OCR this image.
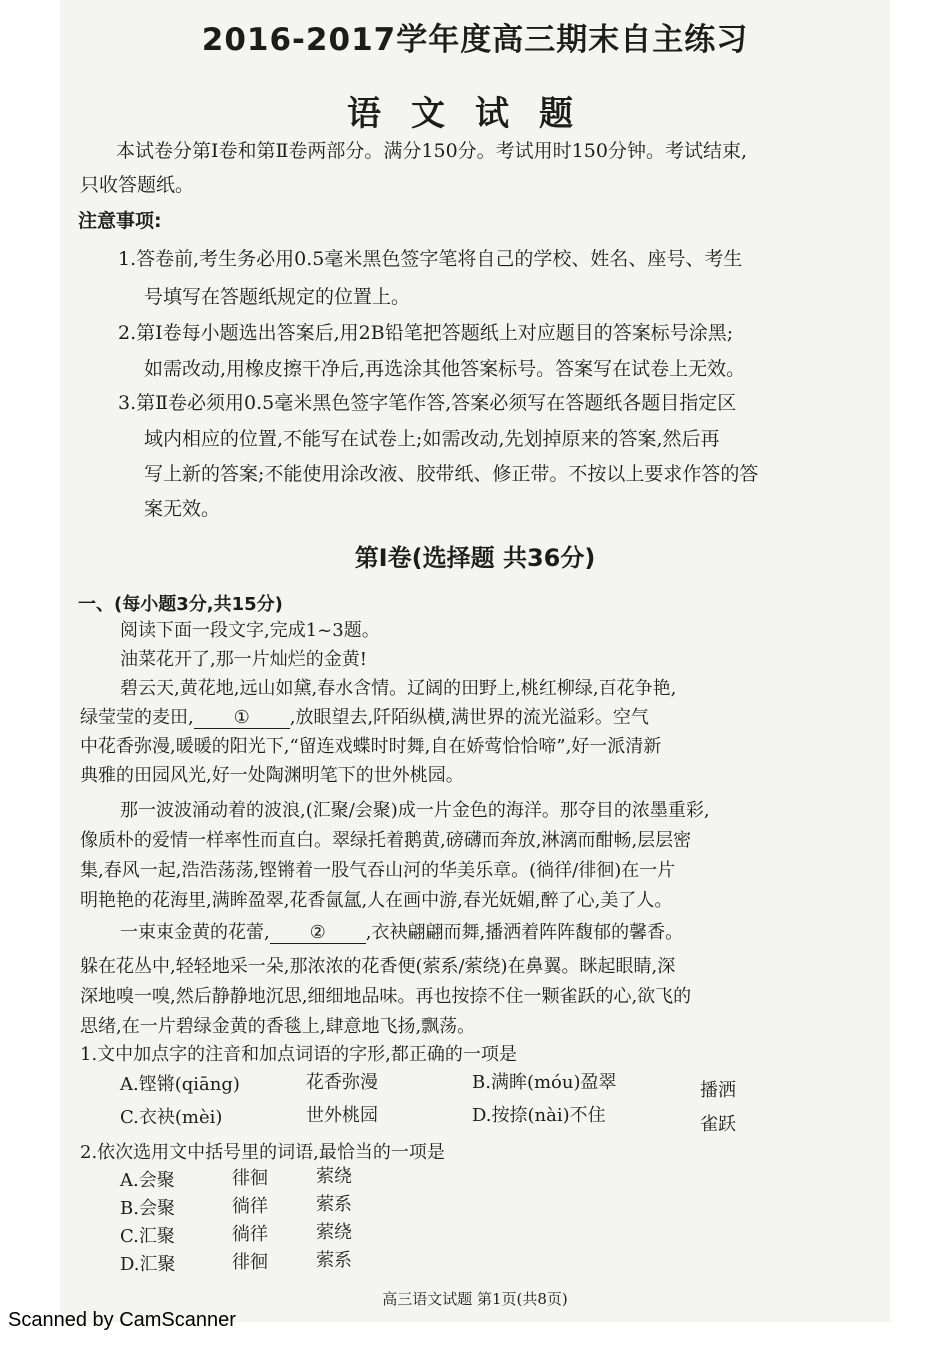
2016-2017学年度高三期末自主练习
语文试题
本试卷分第Ⅰ卷和第Ⅱ卷两部分。满分150分。考试用时150分钟。考试结束,
只收答题纸。
注意事项:
1.答卷前,考生务必用0.5毫米黑色签字笔将自己的学校、姓名、座号、考生
号填写在答题纸规定的位置上。
2.第Ⅰ卷每小题选出答案后,用2B铅笔把答题纸上对应题目的答案标号涂黑;
如需改动,用橡皮擦干净后,再选涂其他答案标号。答案写在试卷上无效。
3.第Ⅱ卷必须用0.5毫米黑色签字笔作答,答案必须写在答题纸各题目指定区
域内相应的位置,不能写在试卷上;如需改动,先划掉原来的答案,然后再
写上新的答案;不能使用涂改液、胶带纸、修正带。不按以上要求作答的答
案无效。
第Ⅰ卷(选择题 共36分)
一、(每小题3分,共15分)
阅读下面一段文字,完成1~3题。
油菜花开了,那一片灿烂的金黄!
碧云天,黄花地,远山如黛,春水含情。辽阔的田野上,桃红柳绿,百花争艳,
绿莹莹的麦田, ① ,放眼望去,阡陌纵横,满世界的流光溢彩。空气
中花香弥漫,暖暖的阳光下,“留连戏蝶时时舞,自在娇莺恰恰啼”,好一派清新
典雅的田园风光,好一处陶渊明笔下的世外桃园。
那一波波涌动着的波浪,(汇聚/会聚)成一片金色的海洋。那夺目的浓墨重彩,
像质朴的爱情一样率性而直白。翠绿托着鹅黄,磅礴而奔放,淋漓而酣畅,层层密
集,春风一起,浩浩荡荡,铿锵着一股气吞山河的华美乐章。(徜徉/徘徊)在一片
明艳艳的花海里,满眸盈翠,花香氤氲,人在画中游,春光妩媚,醉了心,美了人。
一束束金黄的花蕾, ② ,衣袂翩翩而舞,播洒着阵阵馥郁的馨香。
躲在花丛中,轻轻地采一朵,那浓浓的花香便(萦系/萦绕)在鼻翼。眯起眼睛,深
深地嗅一嗅,然后静静地沉思,细细地品味。再也按捺不住一颗雀跃的心,欲飞的
思绪,在一片碧绿金黄的香毯上,肆意地飞扬,飘荡。
1.文中加点字的注音和加点词语的字形,都正确的一项是
A.铿锵(qiāng)	花香弥漫	B.满眸(móu)盈翠	播洒
C.衣袂(mèi)	世外桃园	D.按捺(nài)不住	雀跃
2.依次选用文中括号里的词语,最恰当的一项是
A.会聚	徘徊	萦绕
B.会聚	徜徉	萦系
C.汇聚	徜徉	萦绕
D.汇聚	徘徊	萦系
高三语文试题 第1页(共8页)
Scanned by CamScanner
